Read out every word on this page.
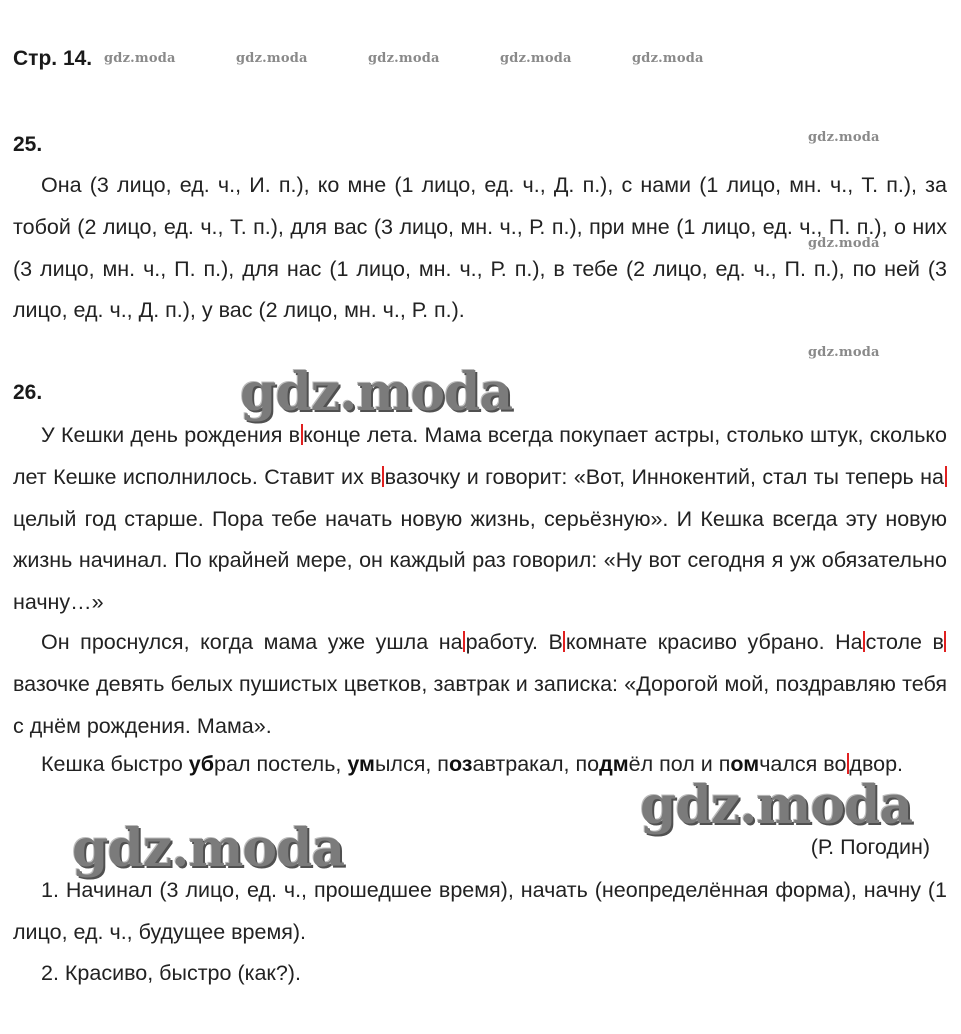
Стр. 14. gdz.moda	gdz.moda	gdz.moda	gdz.moda	gdz.moda
gdz.moda
gdz.moda
gdz.moda
25.

Она (3 лицо, ед. ч., И. п.), ко мне (1 лицо, ед. ч., Д. п.), с нами (1 лицо, мн. ч., Т. п.), за тобой (2 лицо, ед. ч., Т. п.), для вас (3 лицо, мн. ч., Р. п.), при мне (1 лицо, ед. ч., П. п.), о них (3 лицо, мн. ч., П. п.), для нас (1 лицо, мн. ч., Р. п.), в тебе (2 лицо, ед. ч., П. п.), по ней (3 лицо, ед. ч., Д. п.), у вас (2 лицо, мн. ч., Р. п.).

26.

У Кешки день рождения в конце лета. Мама всегда покупает астры, столько штук, сколько лет Кешке исполнилось. Ставит их в вазочку и говорит: «Вот, Иннокентий, стал ты теперь нацелый год старше. Пора тебе начать новую жизнь, серьёзную». И Кешка всегда эту новую жизнь начинал. По крайней мере, он каждый раз говорил: «Ну вот сегодня я уж обязательно начну…»

Он проснулся, когда мама уже ушла на работу. В комнате красиво убрано. На столе ввазочке девять белых пушистых цветков, завтрак и записка: «Дорогой мой, поздравляю тебя с днём рождения. Мама».

Кешка быстро убрал постель, умылся, позавтракал, подмёл пол и помчался во двор.

(Р. Погодин)

1. Начинал (3 лицо, ед. ч., прошедшее время), начать (неопределённая форма), начну (1 лицо, ед. ч., будущее время).

2. Красиво, быстро (как?).

gdz.moda
gdz.moda
gdz.moda
